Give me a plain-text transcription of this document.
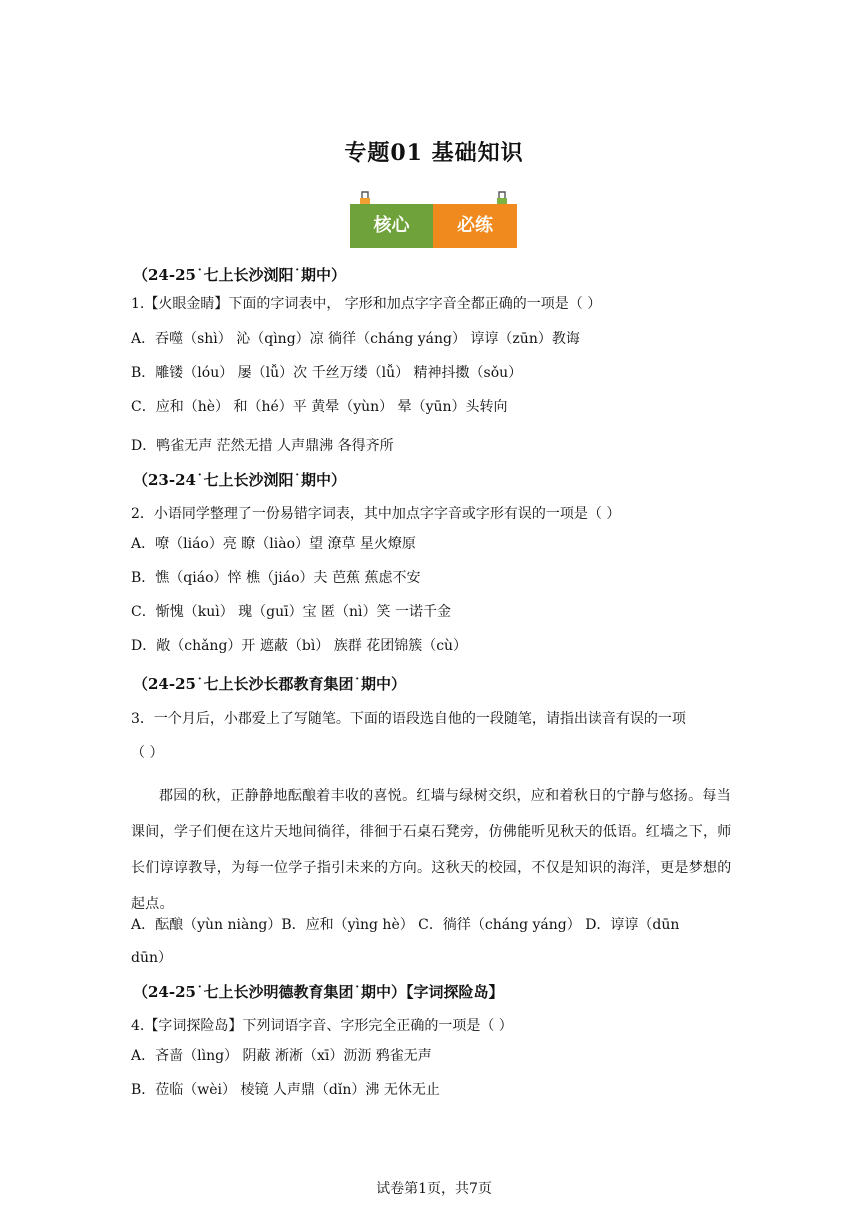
专题01 基础知识
核心	必练
（24-25˙七上长沙浏阳˙期中）
1.【火眼金睛】下面的字词表中， 字形和加点字字音全都正确的一项是（ ）
A．吞噬（shì） 沁（qìng）凉 徜徉（cháng yáng） 谆谆（zūn）教诲
B．雕镂（lóu） 屡（lǚ）次 千丝万缕（lǚ） 精神抖擞（sǒu）
C．应和（hè） 和（hé）平 黄晕（yùn） 晕（yūn）头转向
D．鸭雀无声 茫然无措 人声鼎沸 各得齐所
（23-24˙七上长沙浏阳˙期中）
2．小语同学整理了一份易错字词表，其中加点字字音或字形有误的一项是（ ）
A．嘹（liáo）亮 瞭（liào）望 潦草 星火燎原
B．憔（qiáo）悴 樵（jiáo）夫 芭蕉 蕉虑不安
C．惭愧（kuì） 瑰（guī）宝 匿（nì）笑 一诺千金
D．敞（chǎng）开 遮蔽（bì） 族群 花团锦簇（cù）
（24-25˙七上长沙长郡教育集团˙期中）
3．一个月后，小郡爱上了写随笔。下面的语段选自他的一段随笔，请指出读音有误的一项
（ ）
A．酝酿（yùn niàng）B．应和（yìng hè） C．徜徉（cháng yáng） D．谆谆（dūn
dūn）
（24-25˙七上长沙明德教育集团˙期中）【字词探险岛】
4.【字词探险岛】下列词语字音、字形完全正确的一项是（ ）
A．吝啬（lìng） 阴蔽 淅淅（xī）沥沥 鸦雀无声
B．莅临（wèi） 棱镜 人声鼎（dǐn）沸 无休无止
郡园的秋，正静静地酝酿着丰收的喜悦。红墙与绿树交织，应和着秋日的宁静与悠扬。每当课间，学子们便在这片天地间徜徉，徘徊于石桌石凳旁，仿佛能听见秋天的低语。红墙之下，师长们谆谆教导，为每一位学子指引未来的方向。这秋天的校园，不仅是知识的海洋，更是梦想的起点。
试卷第1页，共7页
